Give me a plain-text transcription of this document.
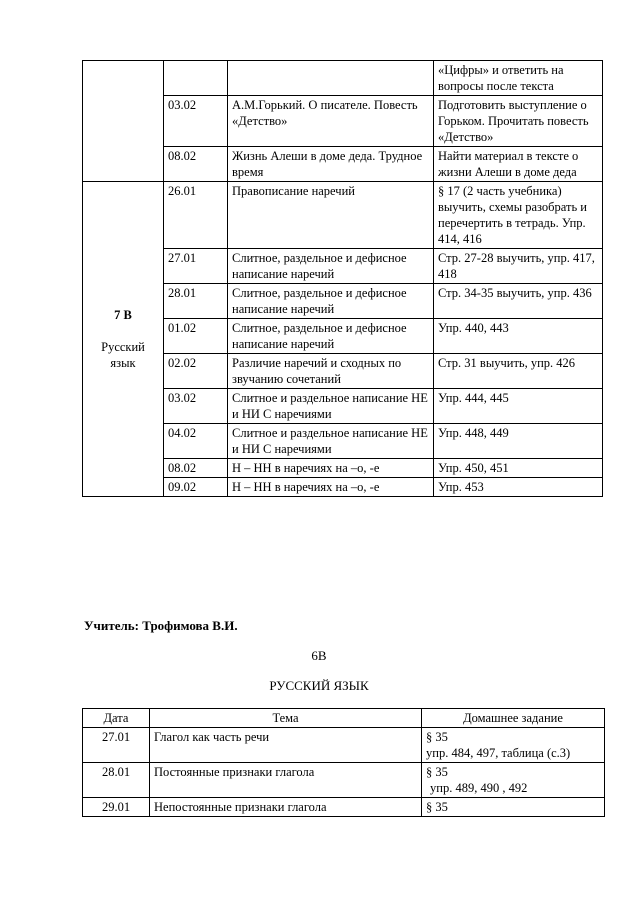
			«Цифры» и ответить на вопросы после текста
	03.02	А.М.Горький. О писателе. Повесть «Детство»	Подготовить выступление о Горьком. Прочитать повесть «Детство»
	08.02	Жизнь Алеши в доме деда. Трудное время	Найти материал в тексте о жизни Алеши в доме деда

7 В
Русский язык	26.01	Правописание наречий	§ 17 (2 часть учебника) выучить, схемы разобрать и перечертить в тетрадь. Упр. 414, 416
	27.01	Слитное, раздельное и дефисное написание наречий	Стр. 27-28 выучить, упр. 417, 418
	28.01	Слитное, раздельное и дефисное написание наречий	Стр. 34-35 выучить, упр. 436
	01.02	Слитное, раздельное и дефисное написание наречий	Упр. 440, 443
	02.02	Различие наречий и сходных по звучанию сочетаний	Стр. 31 выучить, упр. 426
	03.02	Слитное и раздельное написание НЕ и НИ С наречиями	Упр. 444, 445
	04.02	Слитное и раздельное написание НЕ и НИ С наречиями	Упр. 448, 449
	08.02	Н – НН в наречиях на –о, -е	Упр. 450, 451
	09.02	Н – НН в наречиях на –о, -е	Упр. 453
Учитель: Трофимова В.И.
6В
РУССКИЙ ЯЗЫК
Дата	Тема	Домашнее задание
27.01	Глагол как часть речи	§ 35
упр. 484, 497, таблица (с.3)

28.01	Постоянные признаки глагола	§ 35
упр. 489, 490 , 492

29.01	Непостоянные признаки глагола	§ 35
